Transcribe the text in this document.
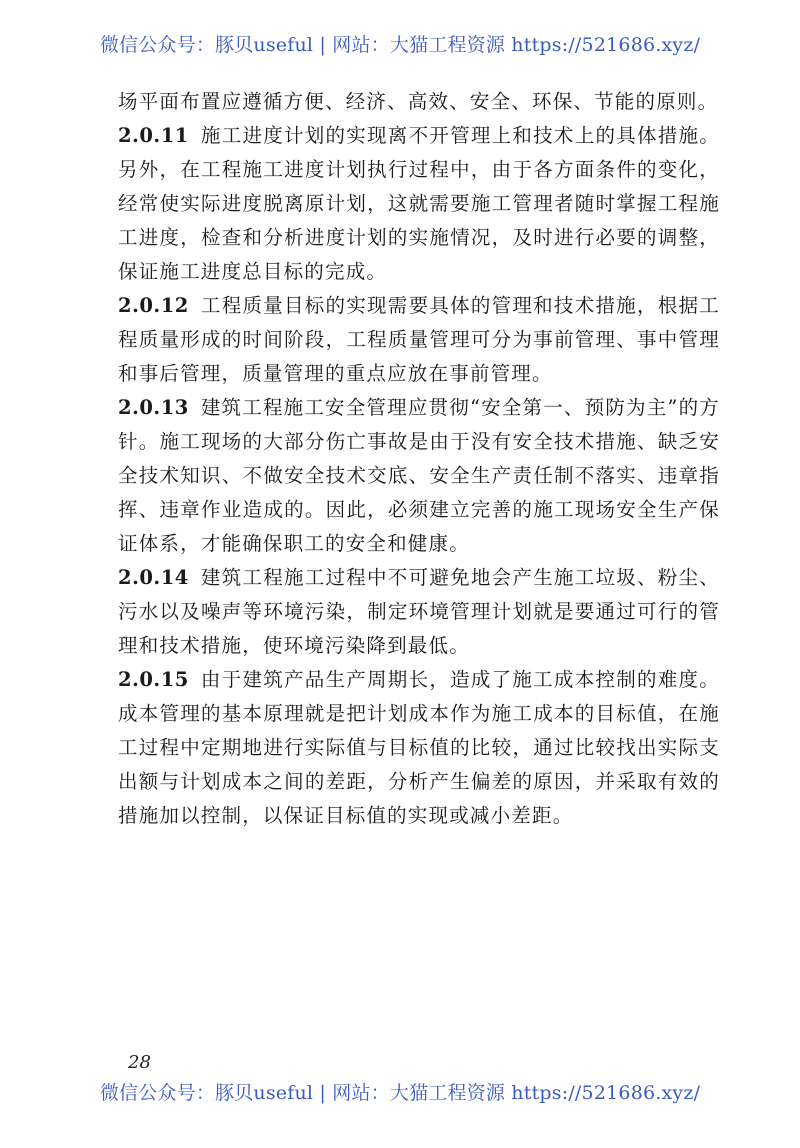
微信公众号：豚贝useful | 网站：大猫工程资源 https://521686.xyz/

场平面布置应遵循方便、经济、高效、安全、环保、节能的原则。

2.0.11 施工进度计划的实现离不开管理上和技术上的具体措施。另外，在工程施工进度计划执行过程中，由于各方面条件的变化，经常使实际进度脱离原计划，这就需要施工管理者随时掌握工程施工进度，检查和分析进度计划的实施情况，及时进行必要的调整，保证施工进度总目标的完成。

2.0.12 工程质量目标的实现需要具体的管理和技术措施，根据工程质量形成的时间阶段，工程质量管理可分为事前管理、事中管理和事后管理，质量管理的重点应放在事前管理。

2.0.13 建筑工程施工安全管理应贯彻“安全第一、预防为主”的方针。施工现场的大部分伤亡事故是由于没有安全技术措施、缺乏安全技术知识、不做安全技术交底、安全生产责任制不落实、违章指挥、违章作业造成的。因此，必须建立完善的施工现场安全生产保证体系，才能确保职工的安全和健康。

2.0.14 建筑工程施工过程中不可避免地会产生施工垃圾、粉尘、污水以及噪声等环境污染，制定环境管理计划就是要通过可行的管理和技术措施，使环境污染降到最低。

2.0.15 由于建筑产品生产周期长，造成了施工成本控制的难度。成本管理的基本原理就是把计划成本作为施工成本的目标值，在施工过程中定期地进行实际值与目标值的比较，通过比较找出实际支出额与计划成本之间的差距，分析产生偏差的原因，并采取有效的措施加以控制，以保证目标值的实现或减小差距。

28
微信公众号：豚贝useful | 网站：大猫工程资源 https://521686.xyz/
